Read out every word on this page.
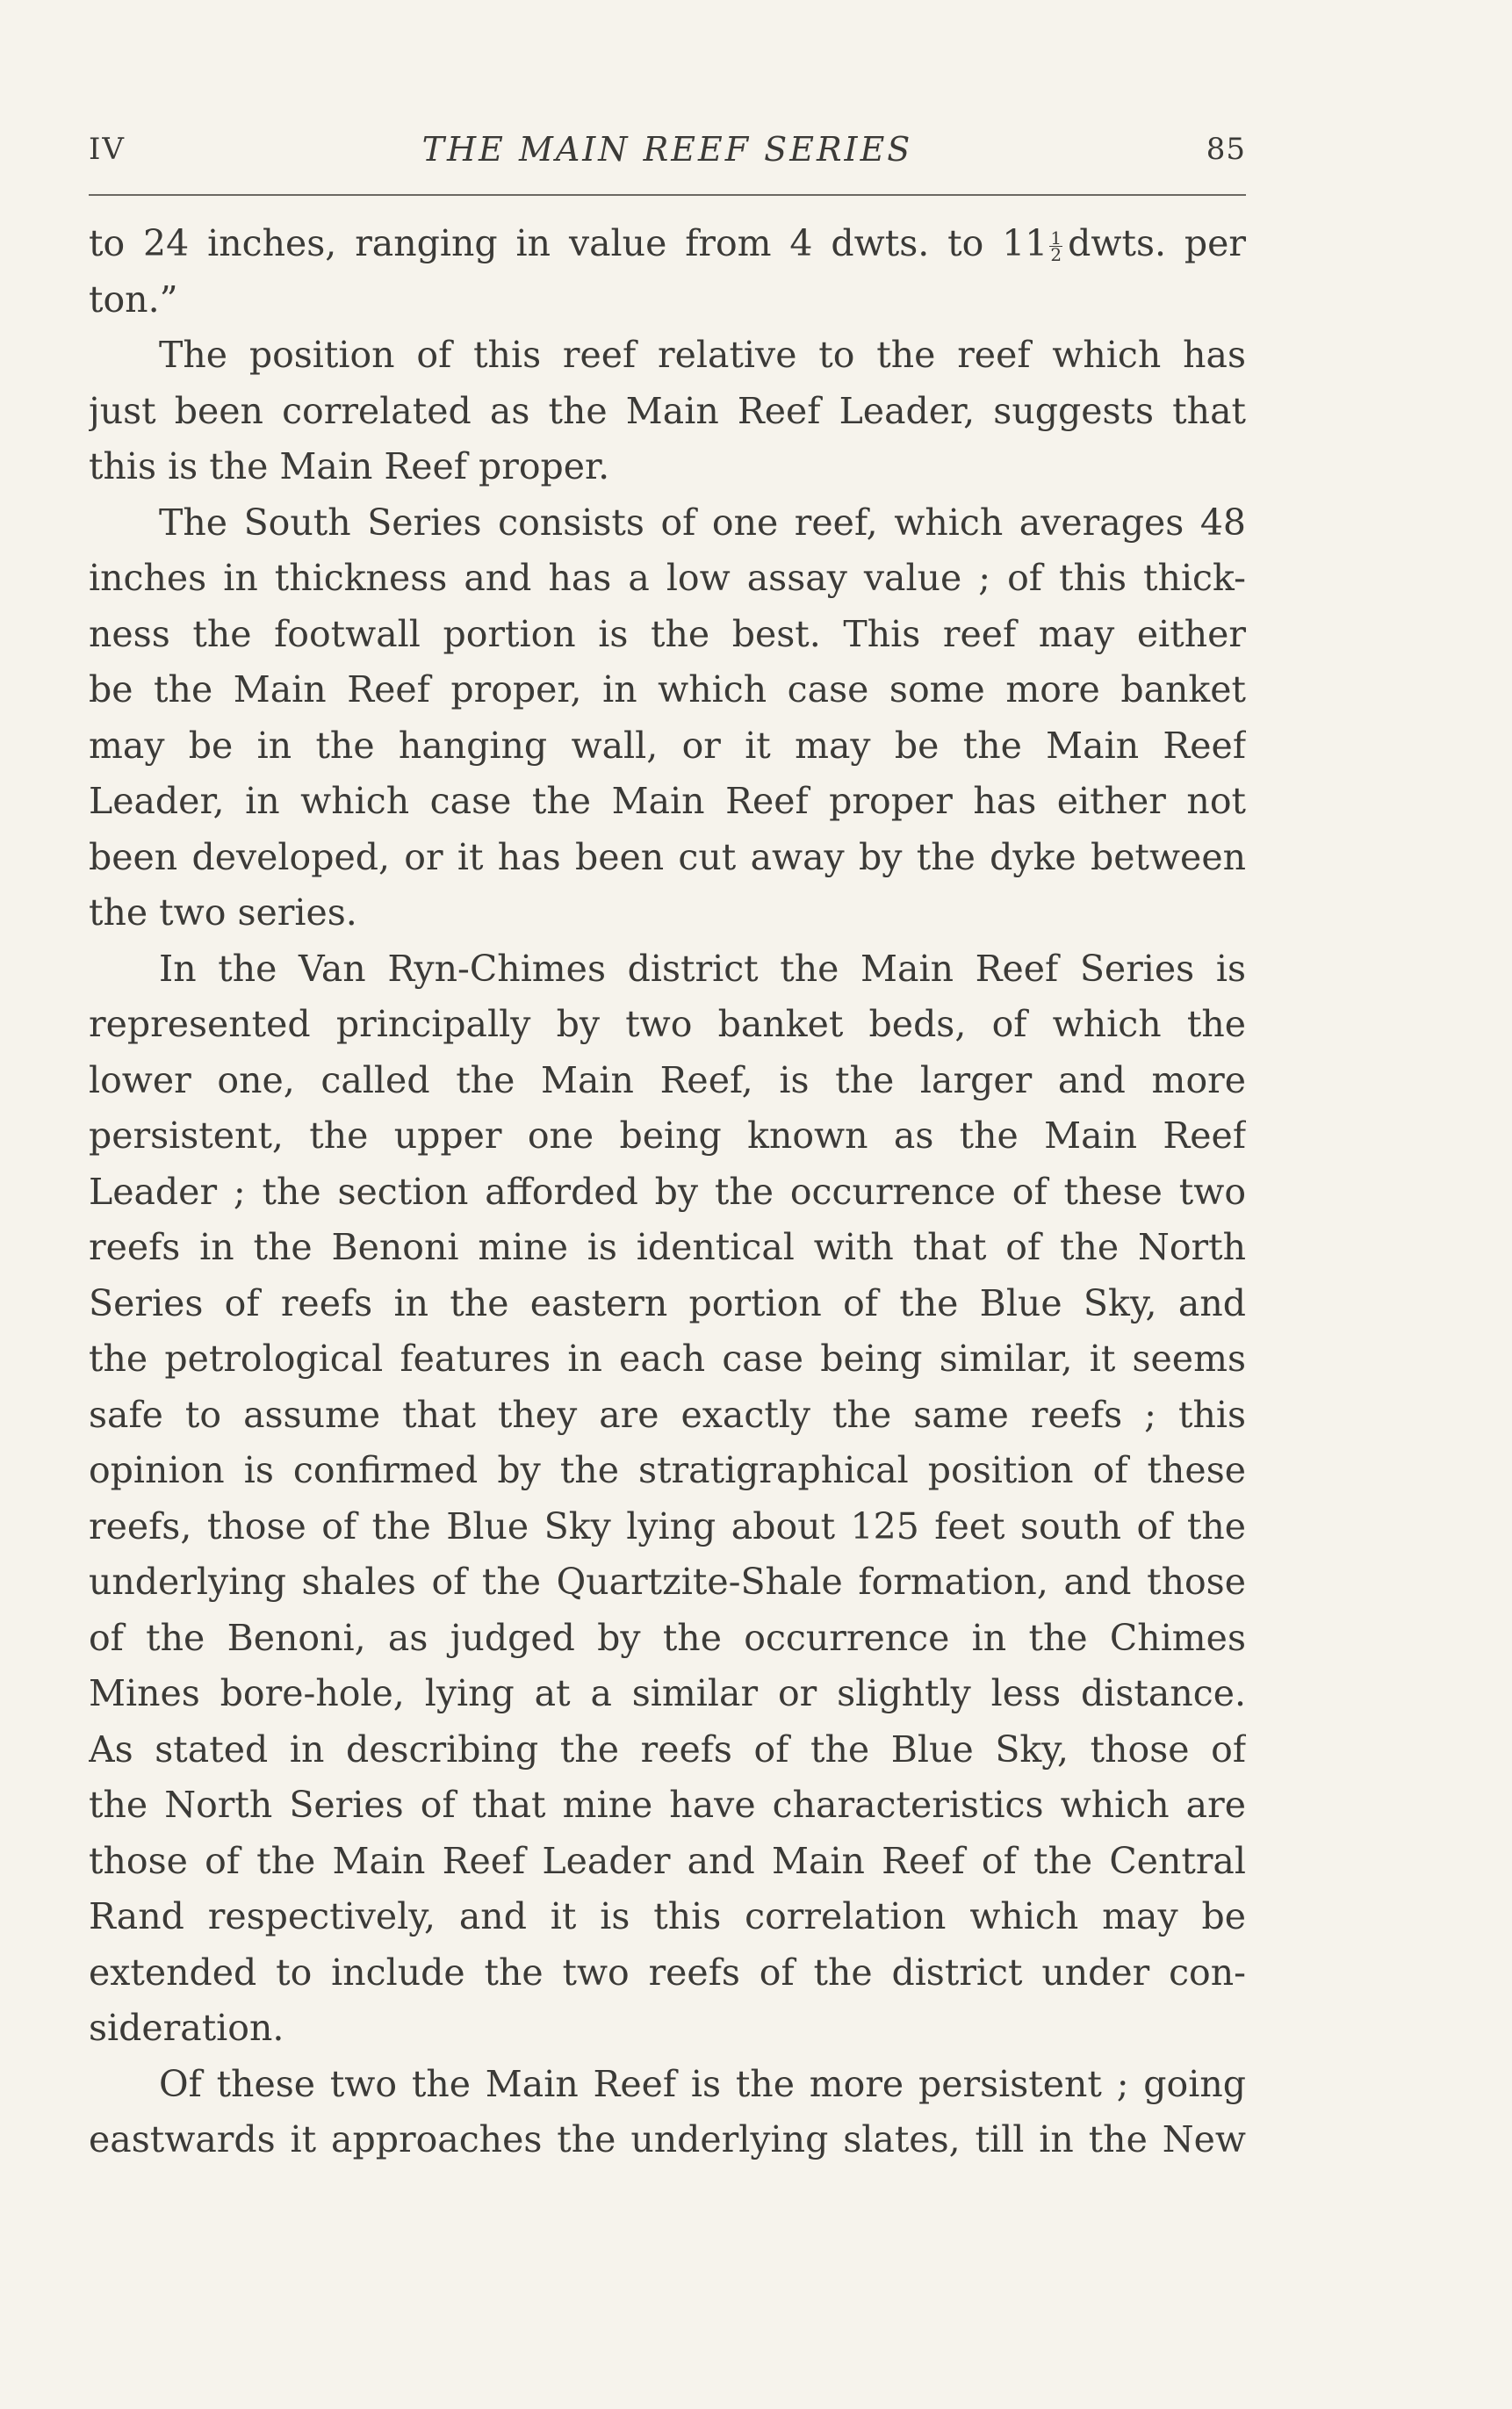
IV	THE MAIN REEF SERIES	85
to 24 inches, ranging in value from 4 dwts. to $11 \frac{1}{2}$ dwts. per
ton.”
The position of this reef relative to the reef which has
just been correlated as the Main Reef Leader, suggests that
this is the Main Reef proper.
The South Series consists of one reef, which averages 48
inches in thickness and has a low assay value ; of this thick-
ness the footwall portion is the best. This reef may either
be the Main Reef proper, in which case some more banket
may be in the hanging wall, or it may be the Main Reef
Leader, in which case the Main Reef proper has either not
been developed, or it has been cut away by the dyke between
the two series.
In the Van Ryn-Chimes district the Main Reef Series is
represented principally by two banket beds, of which the
lower one, called the Main Reef, is the larger and more
persistent, the upper one being known as the Main Reef
Leader ; the section afforded by the occurrence of these two
reefs in the Benoni mine is identical with that of the North
Series of reefs in the eastern portion of the Blue Sky, and
the petrological features in each case being similar, it seems
safe to assume that they are exactly the same reefs ; this
opinion is confirmed by the stratigraphical position of these
reefs, those of the Blue Sky lying about 125 feet south of the
underlying shales of the Quartzite-Shale formation, and those
of the Benoni, as judged by the occurrence in the Chimes
Mines bore-hole, lying at a similar or slightly less distance.
As stated in describing the reefs of the Blue Sky, those of
the North Series of that mine have characteristics which are
those of the Main Reef Leader and Main Reef of the Central
Rand respectively, and it is this correlation which may be
extended to include the two reefs of the district under con-
sideration.
Of these two the Main Reef is the more persistent ; going
eastwards it approaches the underlying slates, till in the New
